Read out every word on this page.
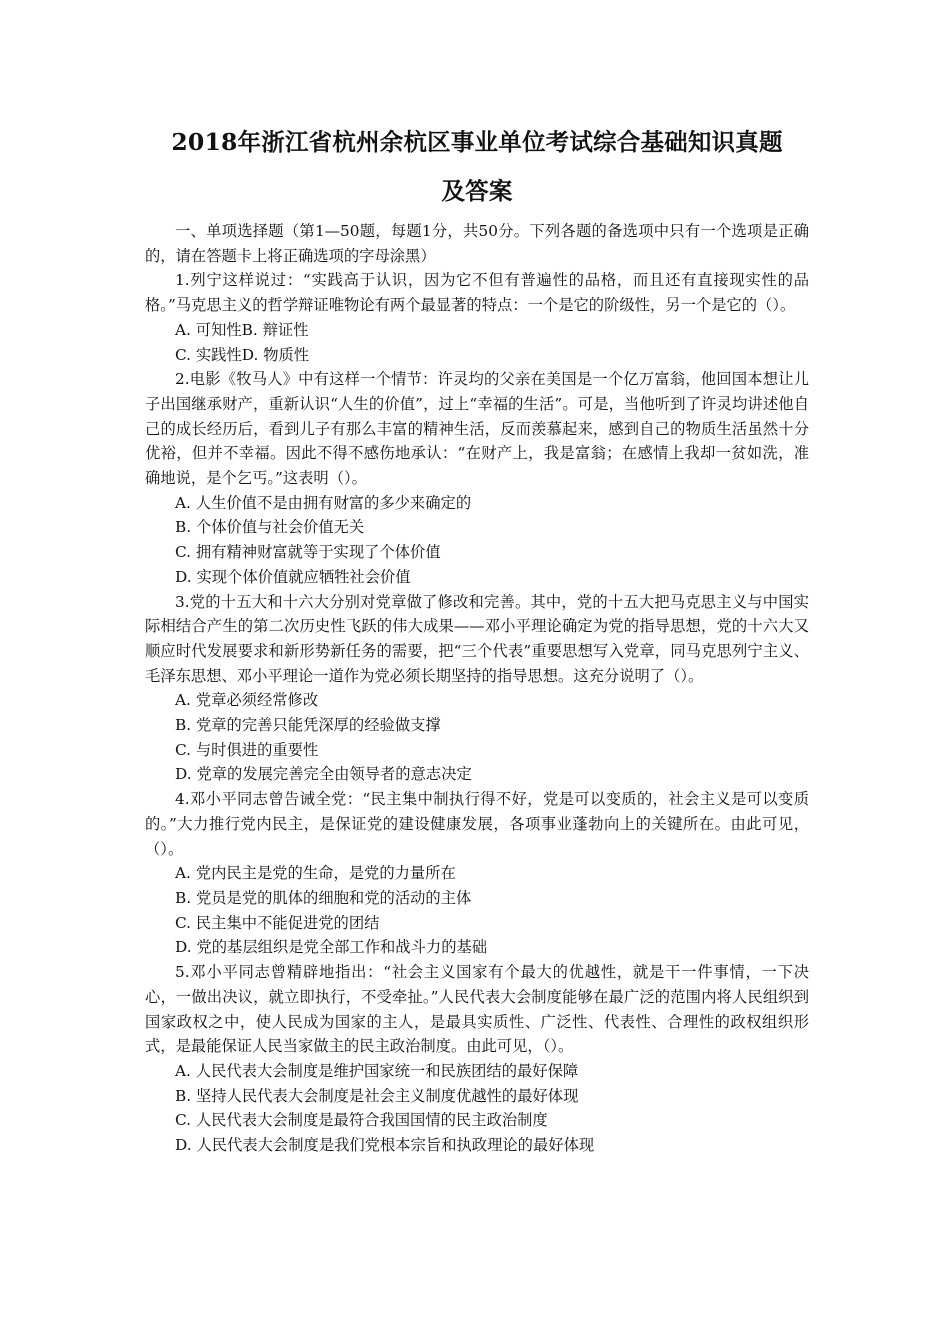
2018年浙江省杭州余杭区事业单位考试综合基础知识真题
及答案

一、单项选择题（第1—50题，每题1分，共50分。下列各题的备选项中只有一个选项是正确的，请在答题卡上将正确选项的字母涂黑）

1.列宁这样说过：“实践高于认识，因为它不但有普遍性的品格，而且还有直接现实性的品格。”马克思主义的哲学辩证唯物论有两个最显著的特点：一个是它的阶级性，另一个是它的（）。

A. 可知性B. 辩证性

C. 实践性D. 物质性

2.电影《牧马人》中有这样一个情节：许灵均的父亲在美国是一个亿万富翁，他回国本想让儿子出国继承财产，重新认识“人生的价值”，过上“幸福的生活”。可是，当他听到了许灵均讲述他自己的成长经历后，看到儿子有那么丰富的精神生活，反而羡慕起来，感到自己的物质生活虽然十分优裕，但并不幸福。因此不得不感伤地承认：“在财产上，我是富翁；在感情上我却一贫如洗，准确地说，是个乞丐。”这表明（）。

A. 人生价值不是由拥有财富的多少来确定的

B. 个体价值与社会价值无关

C. 拥有精神财富就等于实现了个体价值

D. 实现个体价值就应牺牲社会价值

3.党的十五大和十六大分别对党章做了修改和完善。其中，党的十五大把马克思主义与中国实际相结合产生的第二次历史性飞跃的伟大成果——邓小平理论确定为党的指导思想，党的十六大又顺应时代发展要求和新形势新任务的需要，把“三个代表”重要思想写入党章，同马克思列宁主义、毛泽东思想、邓小平理论一道作为党必须长期坚持的指导思想。这充分说明了（）。

A. 党章必须经常修改

B. 党章的完善只能凭深厚的经验做支撑

C. 与时俱进的重要性

D. 党章的发展完善完全由领导者的意志决定

4.邓小平同志曾告诫全党：“民主集中制执行得不好，党是可以变质的，社会主义是可以变质的。”大力推行党内民主，是保证党的建设健康发展，各项事业蓬勃向上的关键所在。由此可见，（）。

A. 党内民主是党的生命，是党的力量所在

B. 党员是党的肌体的细胞和党的活动的主体

C. 民主集中不能促进党的团结

D. 党的基层组织是党全部工作和战斗力的基础

5.邓小平同志曾精辟地指出：“社会主义国家有个最大的优越性，就是干一件事情，一下决心，一做出决议，就立即执行，不受牵扯。”人民代表大会制度能够在最广泛的范围内将人民组织到国家政权之中，使人民成为国家的主人，是最具实质性、广泛性、代表性、合理性的政权组织形式，是最能保证人民当家做主的民主政治制度。由此可见，（）。

A. 人民代表大会制度是维护国家统一和民族团结的最好保障

B. 坚持人民代表大会制度是社会主义制度优越性的最好体现

C. 人民代表大会制度是最符合我国国情的民主政治制度

D. 人民代表大会制度是我们党根本宗旨和执政理论的最好体现
